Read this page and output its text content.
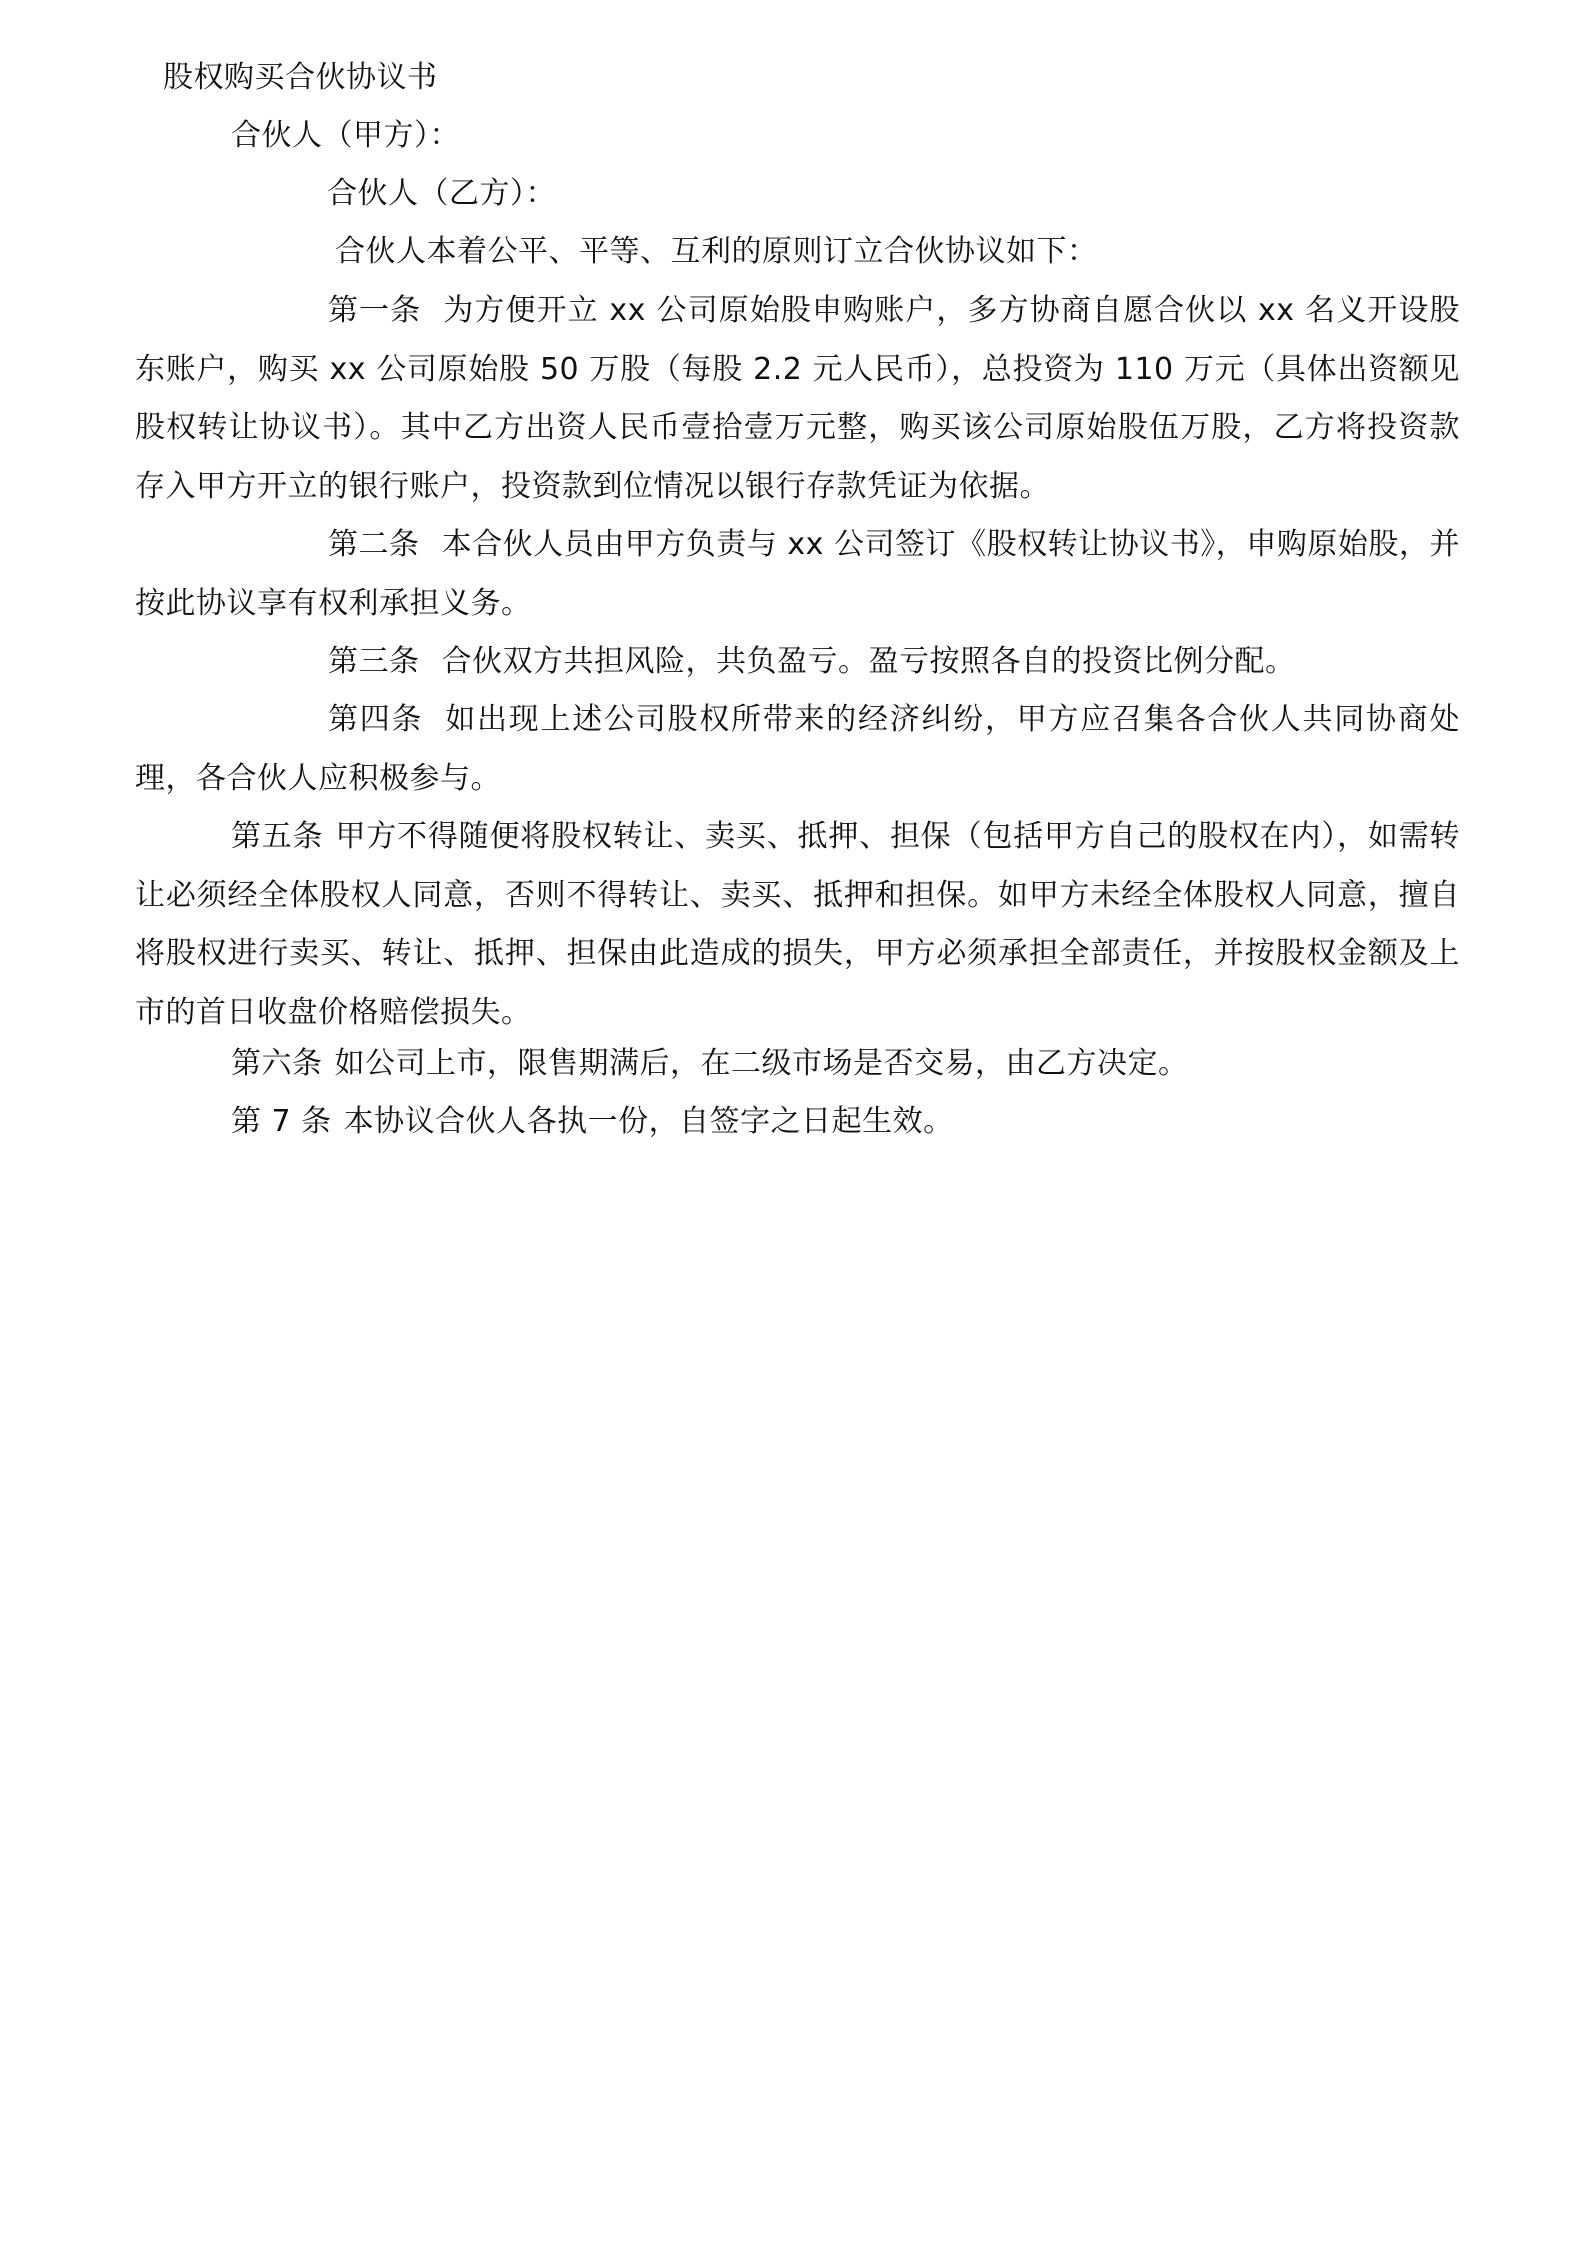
股权购买合伙协议书
合伙人（甲方）：
合伙人（乙方）：
合伙人本着公平、平等、互利的原则订立合伙协议如下：
第一条 为方便开立 xx 公司原始股申购账户，多方协商自愿合伙以 xx 名义开设股东账户，购买 xx 公司原始股 50 万股（每股 2.2 元人民币），总投资为 110 万元（具体出资额见股权转让协议书）。其中乙方出资人民币壹拾壹万元整，购买该公司原始股伍万股，乙方将投资款存入甲方开立的银行账户，投资款到位情况以银行存款凭证为依据。
第二条 本合伙人员由甲方负责与 xx 公司签订《股权转让协议书》，申购原始股，并按此协议享有权利承担义务。
第三条 合伙双方共担风险，共负盈亏。盈亏按照各自的投资比例分配。
第四条 如出现上述公司股权所带来的经济纠纷，甲方应召集各合伙人共同协商处理，各合伙人应积极参与。
第五条 甲方不得随便将股权转让、卖买、抵押、担保（包括甲方自己的股权在内），如需转让必须经全体股权人同意，否则不得转让、卖买、抵押和担保。如甲方未经全体股权人同意，擅自将股权进行卖买、转让、抵押、担保由此造成的损失，甲方必须承担全部责任，并按股权金额及上市的首日收盘价格赔偿损失。
第六条 如公司上市，限售期满后，在二级市场是否交易，由乙方决定。
第 7 条 本协议合伙人各执一份，自签字之日起生效。
